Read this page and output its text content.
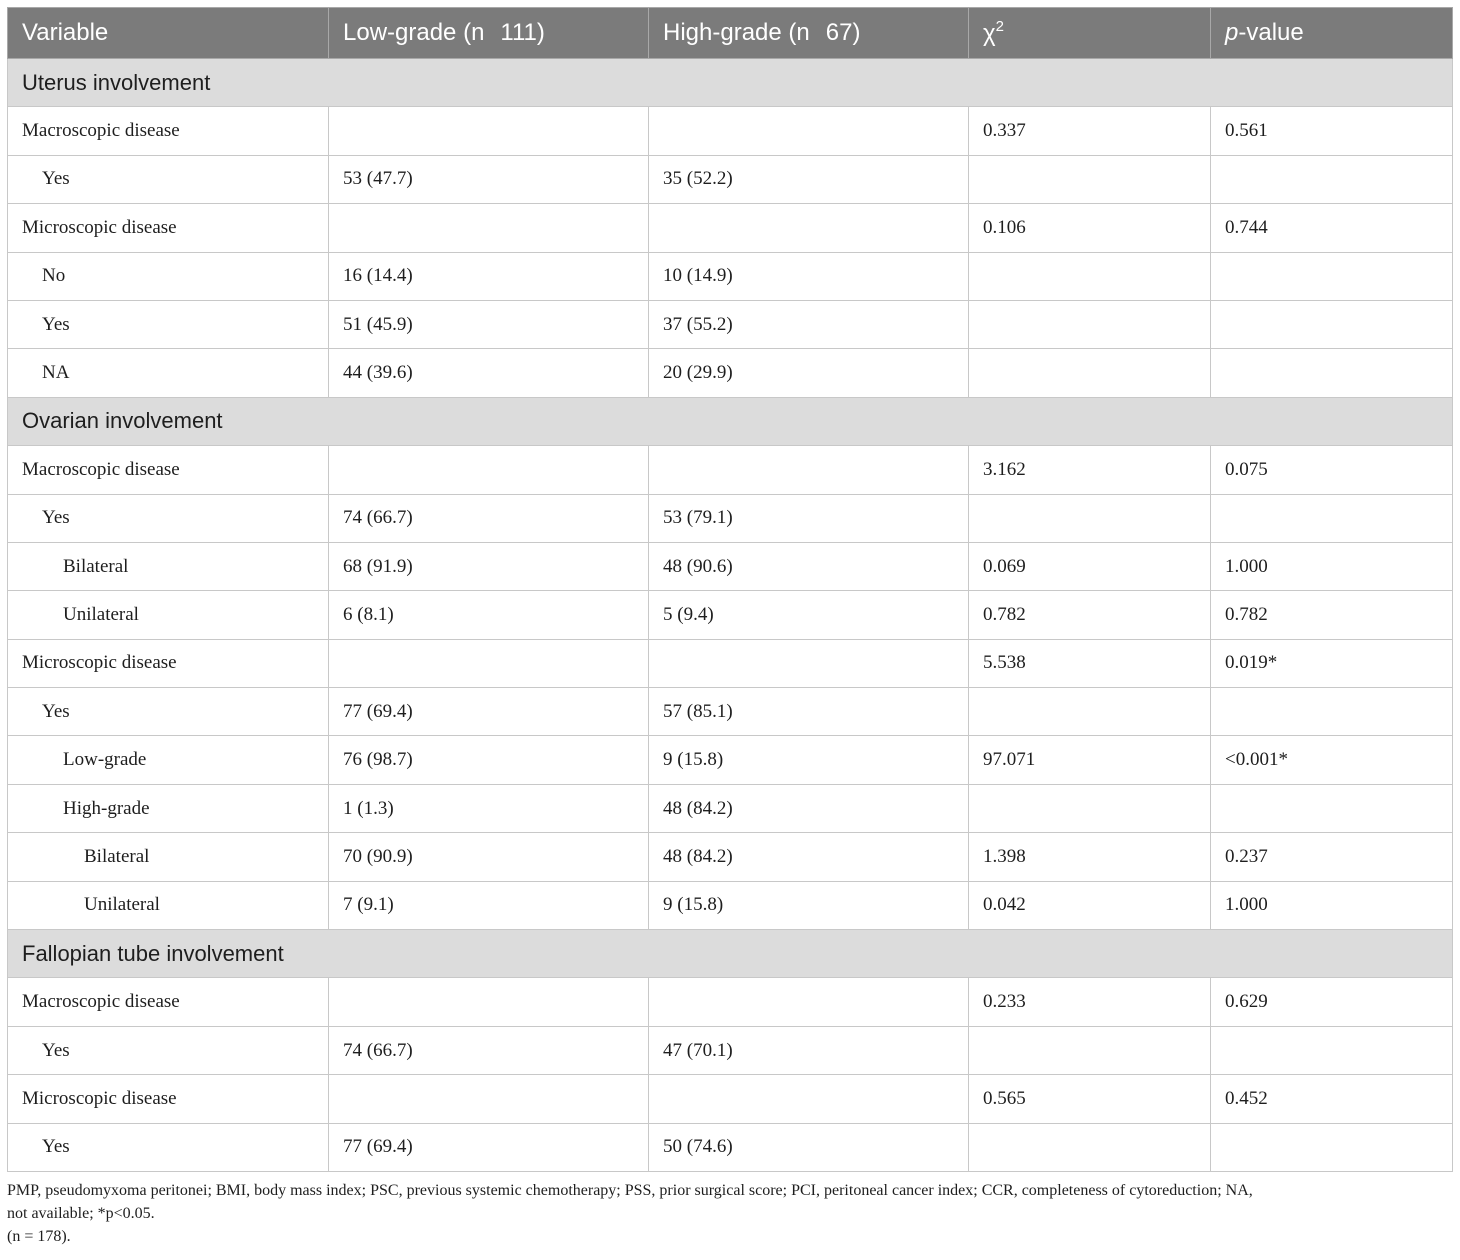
Variable	Low-grade (n 111)	High-grade (n 67)	$\chi^2$	p-value
Uterus involvement				
Macroscopic disease			0.337	0.561
Yes	53 (47.7)	35 (52.2)		
Microscopic disease			0.106	0.744
No	16 (14.4)	10 (14.9)		
Yes	51 (45.9)	37 (55.2)		
NA	44 (39.6)	20 (29.9)		
Ovarian involvement				
Macroscopic disease			3.162	0.075
Yes	74 (66.7)	53 (79.1)		
Bilateral	68 (91.9)	48 (90.6)	0.069	1.000
Unilateral	6 (8.1)	5 (9.4)	0.782	0.782
Microscopic disease			5.538	0.019*
Yes	77 (69.4)	57 (85.1)		
Low-grade	76 (98.7)	9 (15.8)	97.071	<0.001*
High-grade	1 (1.3)	48 (84.2)		
Bilateral	70 (90.9)	48 (84.2)	1.398	0.237
Unilateral	7 (9.1)	9 (15.8)	0.042	1.000
Fallopian tube involvement				
Macroscopic disease			0.233	0.629
Yes	74 (66.7)	47 (70.1)		
Microscopic disease			0.565	0.452
Yes	77 (69.4)	50 (74.6)		
PMP, pseudomyxoma peritonei; BMI, body mass index; PSC, previous systemic chemotherapy; PSS, prior surgical score; PCI, peritoneal cancer index; CCR, completeness of cytoreduction; NA,
not available; *p<0.05.
(n = 178).
